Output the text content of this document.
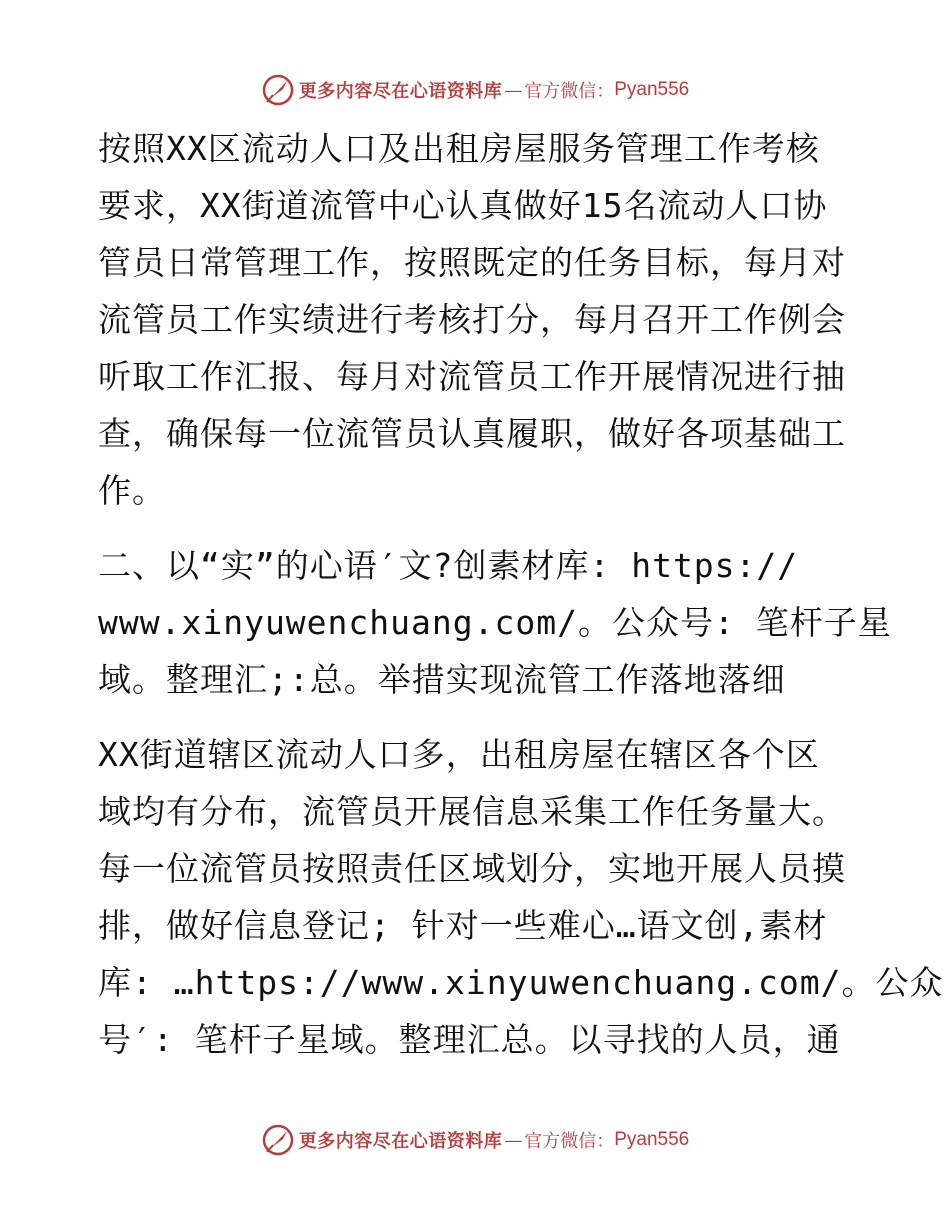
更多内容尽在心语资料库 — 官方微信： Pyan556
按照XX区流动人口及出租房屋服务管理工作考核
要求，XX街道流管中心认真做好15名流动人口协
管员日常管理工作，按照既定的任务目标，每月对
流管员工作实绩进行考核打分，每月召开工作例会
听取工作汇报、每月对流管员工作开展情况进行抽
查，确保每一位流管员认真履职，做好各项基础工
作。
二、以“实”的心语′文?创素材库: https://
www.xinyuwenchuang.com/。公众号: 笔杆子星
域。整理汇;:总。举措实现流管工作落地落细
XX街道辖区流动人口多，出租房屋在辖区各个区
域均有分布，流管员开展信息采集工作任务量大。
每一位流管员按照责任区域划分，实地开展人员摸
排，做好信息登记; 针对一些难心…语文创,素材
库: …https://www.xinyuwenchuang.com/。公众
号′: 笔杆子星域。整理汇总。以寻找的人员，通
更多内容尽在心语资料库 — 官方微信： Pyan556
